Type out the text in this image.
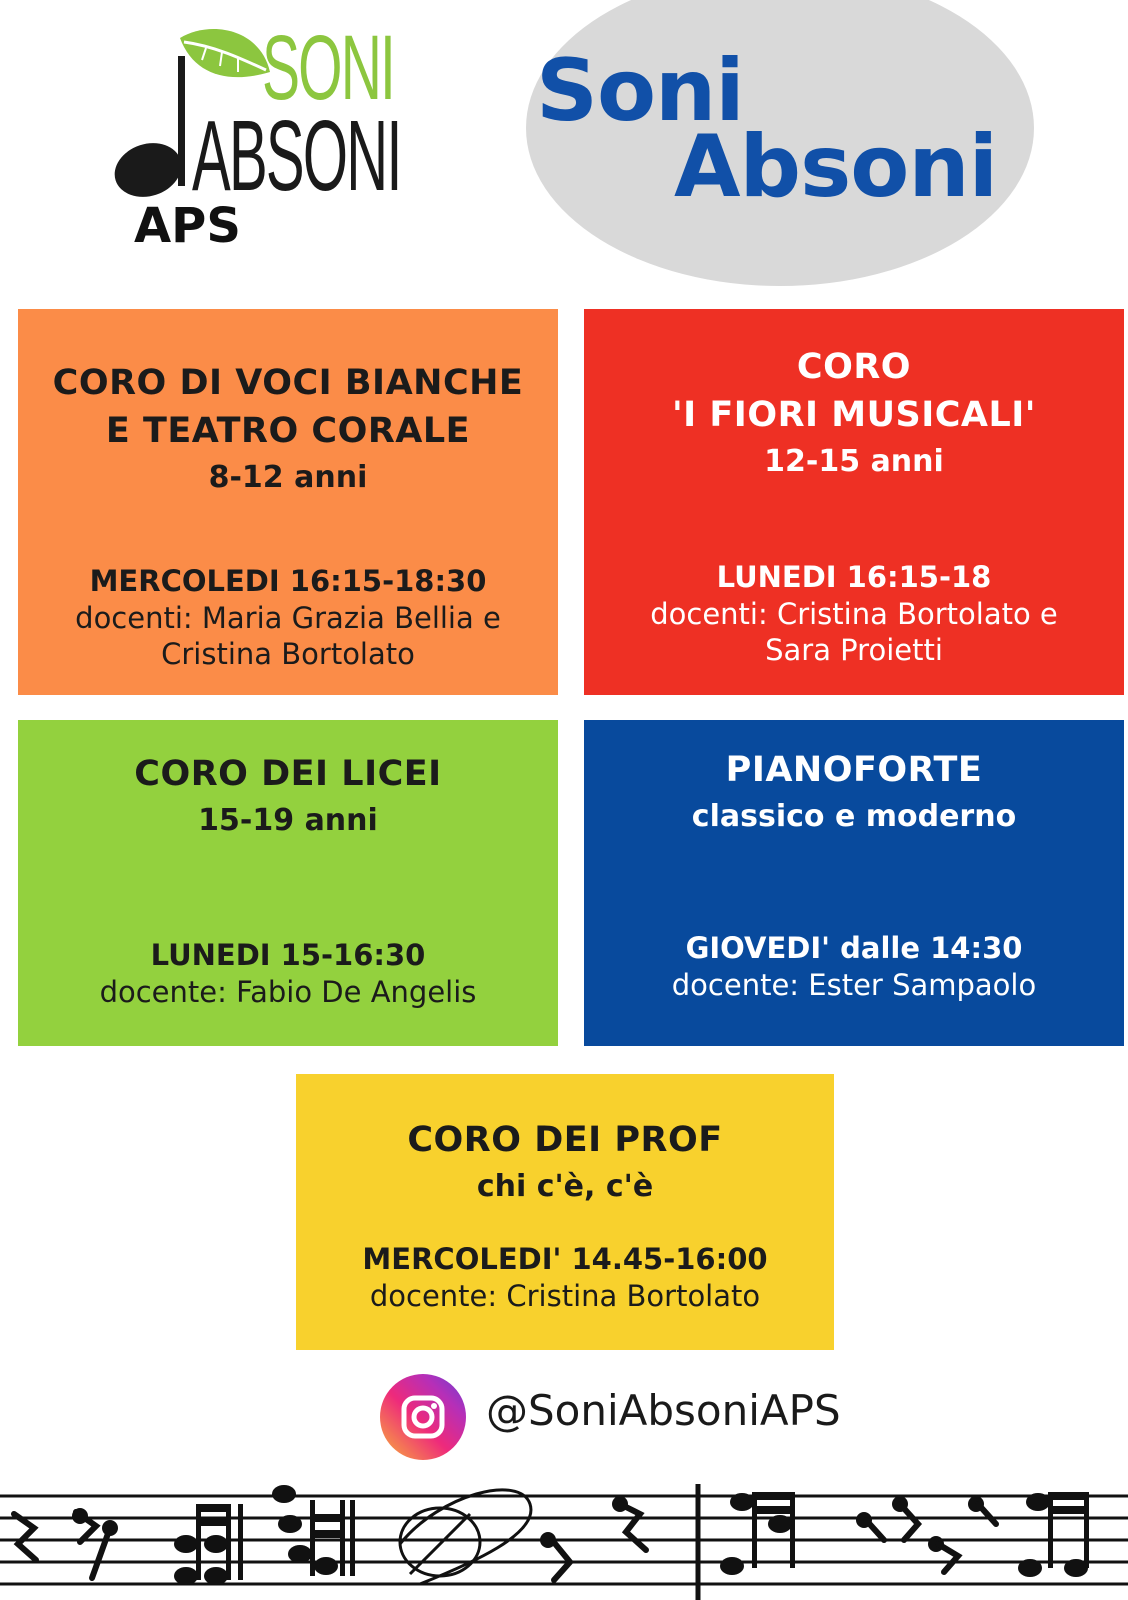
SONI
ABSONI
APS
Soni
Absoni
CORO DI VOCI BIANCHE
E TEATRO CORALE
8-12 anni
MERCOLEDI 16:15-18:30
docenti: Maria Grazia Bellia e
Cristina Bortolato
CORO
'I FIORI MUSICALI'
12-15 anni
LUNEDI 16:15-18
docenti: Cristina Bortolato e
Sara Proietti
CORO DEI LICEI
15-19 anni
LUNEDI 15-16:30
docente: Fabio De Angelis
PIANOFORTE
classico e moderno
GIOVEDI' dalle 14:30
docente: Ester Sampaolo
CORO DEI PROF
chi c'è, c'è
MERCOLEDI' 14.45-16:00
docente: Cristina Bortolato
@SoniAbsoniAPS
